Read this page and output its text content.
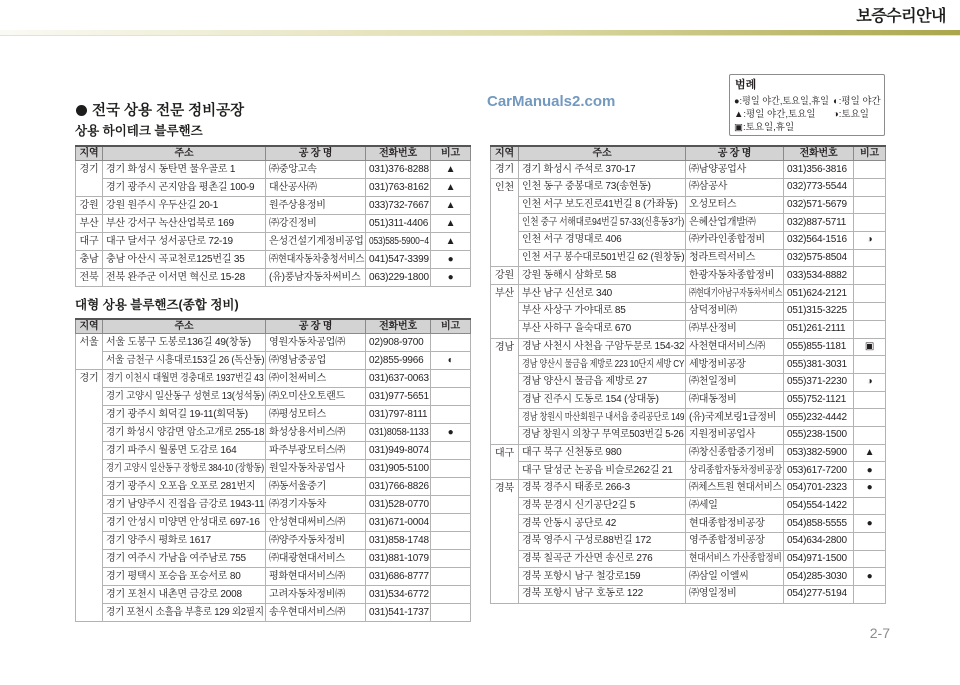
보증수리안내
CarManuals2.com
범례
●:평일 야간,토요일,휴일 ◐:평일 야간
▲:평일 야간,토요일	◑:토요일
▣:토요일,휴일
전국 상용 전문 정비공장
상용 하이테크 블루핸즈
대형 상용 블루핸즈(종합 정비)
지역	주소	공 장 명	전화번호	비고
경기	경기 화성시 동탄면 물우골로 1	㈜중앙고속	031)376-8288	▲
	경기 광주시 곤지암읍 평촌길 100-9	대산공사㈜	031)763-8162	▲
강원	강원 원주시 우두산길 20-1	원주상용정비	033)732-7667	▲
부산	부산 강서구 녹산산업북로 169	㈜강진정비	051)311-4406	▲
대구	대구 달서구 성서공단로 72-19	은성건설기계정비공업	053)585-5900~4	▲
충남	충남 아산시 곡교천로125번길 35	㈜현대자동차충청서비스	041)547-3399	●
전북	전북 완주군 이서면 혁신로 15-28	(유)풍남자동차써비스	063)229-1800	●
지역	주소	공 장 명	전화번호	비고
서울	서울 도봉구 도봉로136길 49(창동)	영원자동차공업㈜	02)908-9700	
	서울 금천구 시흥대로153길 26 (독산동)	㈜영남중공업	02)855-9966	◐
경기	경기 이천시 대월면 경충대로 1937번길 43	㈜이천써비스	031)637-0063	
	경기 고양시 일산동구 성현로 13(성석동)	㈜오미산오토랜드	031)977-5651	
	경기 광주시 회덕길 19-11(회덕동)	㈜평성모터스	031)797-8111	
	경기 화성시 양감면 암소고개로 255-18	화성상용서비스㈜	031)8058-1133	●
	경기 파주시 월롱면 도감로 164	파주부광모터스㈜	031)949-8074	
	경기 고양시 일산동구 장항로 384-10 (장항동)	원일자동차공업사	031)905-5100	
	경기 광주시 오포읍 오포로 281번지	㈜동서울중기	031)766-8826	
	경기 남양주시 진접읍 금강로 1943-11	㈜경기자동차	031)528-0770	
	경기 안성시 미양면 안성대로 697-16	안성현대써비스㈜	031)671-0004	
	경기 양주시 평화로 1617	㈜양주자동차정비	031)858-1748	
	경기 여주시 가남읍 여주남로 755	㈜대광현대서비스	031)881-1079	
	경기 평택시 포승읍 포승서로 80	평화현대서비스㈜	031)686-8777	
	경기 포천시 내촌면 금강로 2008	고려자동차정비㈜	031)534-6772	
	경기 포천시 소흘읍 부흥로 129 외2필지	송우현대서비스㈜	031)541-1737	
지역	주소	공 장 명	전화번호	비고
경기	경기 화성시 주석로 370-17	㈜남양공업사	031)356-3816	
인천	인천 동구 중봉대로 73(송현동)	㈜삼공사	032)773-5544	
	인천 서구 보도진로41번길 8 (가좌동)	오성모터스	032)571-5679	
	인천 중구 서해대로94번길 57-33(신흥동3가)	은혜산업개발㈜	032)887-5711	
	인천 서구 경명대로 406	㈜카라인종합정비	032)564-1516	◑
	인천 서구 봉수대로501번길 62 (원창동)	청라트럭서비스	032)575-8504	
강원	강원 동해시 삼화로 58	한광자동차종합정비	033)534-8882	
부산	부산 남구 신선로 340	㈜현대기아남구자동차서비스	051)624-2121	
	부산 사상구 가야대로 85	삼덕정비㈜	051)315-3225	
	부산 사하구 을숙대로 670	㈜부산정비	051)261-2111	
경남	경남 사천시 사천읍 구암두문로 154-32	사천현대서비스㈜	055)855-1181	▣
	경남 양산시 물금읍 제방로 223 10단지 세방 CY	세방정비공장	055)381-3031	
	경남 양산시 물금읍 제방로 27	㈜천일정비	055)371-2230	◑
	경남 진주시 도동로 154 (상대동)	㈜대동정비	055)752-1121	
	경남 창원시 마산회원구 내서읍 중리공단로 149	(유)국제보링1급정비	055)232-4442	
	경남 창원시 의창구 무역로503번길 5-26	지원정비공업사	055)238-1500	
대구	대구 북구 신천동로 980	㈜창신종합중기정비	053)382-5900	▲
	대구 달성군 논공읍 비슬로262길 21	상리종합자동차정비공장	053)617-7200	●
경북	경북 경주시 태종로 266-3	㈜체스트원 현대서비스	054)701-2323	●
	경북 문경시 신기공단2길 5	㈜세일	054)554-1422	
	경북 안동시 공단로 42	현대종합정비공장	054)858-5555	●
	경북 영주시 구성로88번길 172	영주종합정비공장	054)634-2800	
	경북 칠곡군 가산면 송신로 276	현대서비스 가산종합정비	054)971-1500	
	경북 포항시 남구 철강로159	㈜삼일 이엘씨	054)285-3030	●
	경북 포항시 남구 호동로 122	㈜영일정비	054)277-5194	
2-7
